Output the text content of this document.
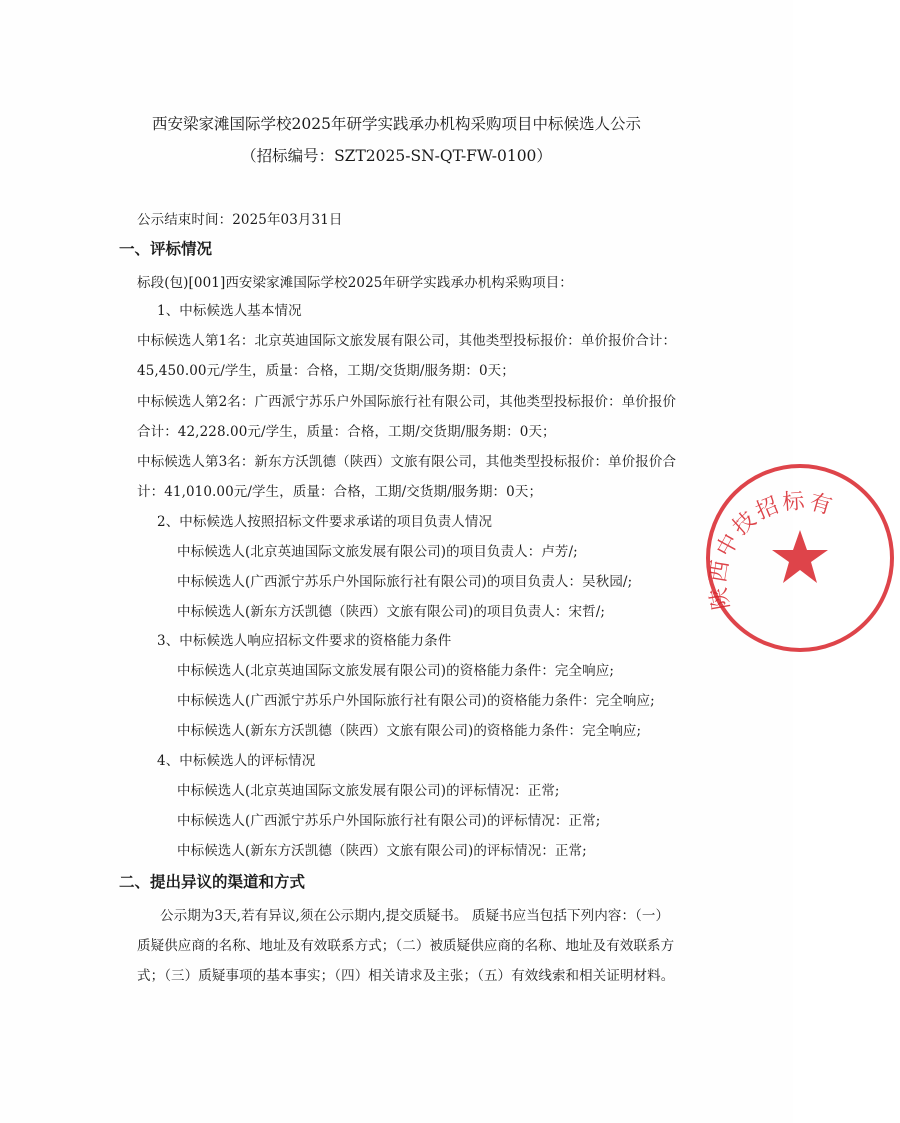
西安梁家滩国际学校2025年研学实践承办机构采购项目中标候选人公示
（招标编号：SZT2025-SN-QT-FW-0100）
公示结束时间：2025年03月31日
一、评标情况
标段(包)[001]西安梁家滩国际学校2025年研学实践承办机构采购项目：
1、中标候选人基本情况
中标候选人第1名：北京英迪国际文旅发展有限公司，其他类型投标报价：单价报价合计：
45,450.00元/学生，质量：合格，工期/交货期/服务期：0天；
中标候选人第2名：广西派宁苏乐户外国际旅行社有限公司，其他类型投标报价：单价报价
合计：42,228.00元/学生，质量：合格，工期/交货期/服务期：0天；
中标候选人第3名：新东方沃凯德（陕西）文旅有限公司，其他类型投标报价：单价报价合
计：41,010.00元/学生，质量：合格，工期/交货期/服务期：0天；
2、中标候选人按照招标文件要求承诺的项目负责人情况
中标候选人(北京英迪国际文旅发展有限公司)的项目负责人：卢芳/;
中标候选人(广西派宁苏乐户外国际旅行社有限公司)的项目负责人：吴秋园/;
中标候选人(新东方沃凯德（陕西）文旅有限公司)的项目负责人：宋哲/;
3、中标候选人响应招标文件要求的资格能力条件
中标候选人(北京英迪国际文旅发展有限公司)的资格能力条件：完全响应;
中标候选人(广西派宁苏乐户外国际旅行社有限公司)的资格能力条件：完全响应;
中标候选人(新东方沃凯德（陕西）文旅有限公司)的资格能力条件：完全响应;
4、中标候选人的评标情况
中标候选人(北京英迪国际文旅发展有限公司)的评标情况：正常;
中标候选人(广西派宁苏乐户外国际旅行社有限公司)的评标情况：正常;
中标候选人(新东方沃凯德（陕西）文旅有限公司)的评标情况：正常;
二、提出异议的渠道和方式
公示期为3天,若有异议,须在公示期内,提交质疑书。 质疑书应当包括下列内容：（一）
质疑供应商的名称、地址及有效联系方式；（二）被质疑供应商的名称、地址及有效联系方
式；（三）质疑事项的基本事实；（四）相关请求及主张；（五）有效线索和相关证明材料。
陕西中技招标有
